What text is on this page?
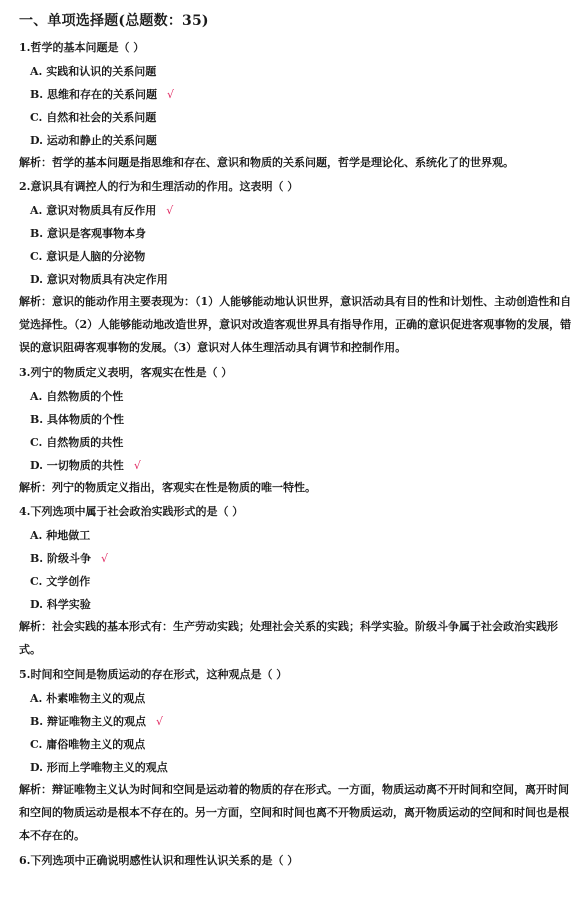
一、单项选择题(总题数：35)
1.哲学的基本问题是（ ）
A. 实践和认识的关系问题
B. 思维和存在的关系问题 √
C. 自然和社会的关系问题
D. 运动和静止的关系问题
解析：哲学的基本问题是指思维和存在、意识和物质的关系问题，哲学是理论化、系统化了的世界观。
2.意识具有调控人的行为和生理活动的作用。这表明（ ）
A. 意识对物质具有反作用 √
B. 意识是客观事物本身
C. 意识是人脑的分泌物
D. 意识对物质具有决定作用
解析：意识的能动作用主要表现为：（1）人能够能动地认识世界，意识活动具有目的性和计划性、主动创造性和自觉选择性。（2）人能够能动地改造世界，意识对改造客观世界具有指导作用，正确的意识促进客观事物的发展，错误的意识阻碍客观事物的发展。（3）意识对人体生理活动具有调节和控制作用。
3.列宁的物质定义表明，客观实在性是（ ）
A. 自然物质的个性
B. 具体物质的个性
C. 自然物质的共性
D. 一切物质的共性 √
解析：列宁的物质定义指出，客观实在性是物质的唯一特性。
4.下列选项中属于社会政治实践形式的是（ ）
A. 种地做工
B. 阶级斗争 √
C. 文学创作
D. 科学实验
解析：社会实践的基本形式有：生产劳动实践；处理社会关系的实践；科学实验。阶级斗争属于社会政治实践形式。
5.时间和空间是物质运动的存在形式，这种观点是（ ）
A. 朴素唯物主义的观点
B. 辩证唯物主义的观点 √
C. 庸俗唯物主义的观点
D. 形而上学唯物主义的观点
解析：辩证唯物主义认为时间和空间是运动着的物质的存在形式。一方面，物质运动离不开时间和空间，离开时间和空间的物质运动是根本不存在的。另一方面，空间和时间也离不开物质运动，离开物质运动的空间和时间也是根本不存在的。
6.下列选项中正确说明感性认识和理性认识关系的是（ ）
